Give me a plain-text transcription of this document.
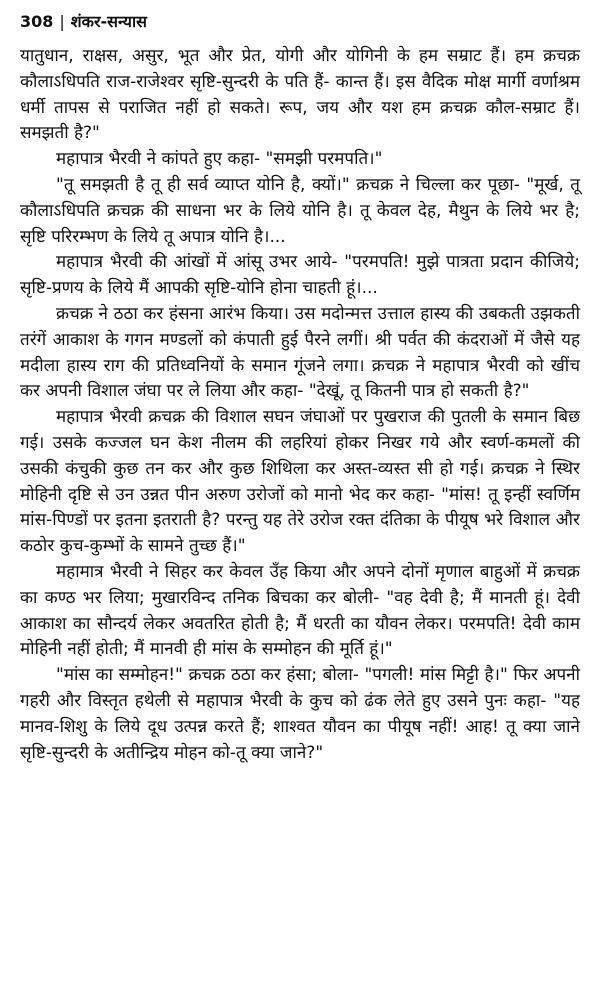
308 | शंकर-सन्यास

यातुधान, राक्षस, असुर, भूत और प्रेत, योगी और योगिनी के हम सम्राट हैं। हम क्रचक्र कौलाऽधिपति राज-राजेश्वर सृष्टि-सुन्दरी के पति हैं- कान्त हैं। इस वैदिक मोक्ष मार्गी वर्णाश्रम धर्मी तापस से पराजित नहीं हो सकते। रूप, जय और यश हम क्रचक्र कौल-सम्राट हैं। समझती है?"

महापात्र भैरवी ने कांपते हुए कहा- "समझी परमपति।"

"तू समझती है तू ही सर्व व्याप्त योनि है, क्यों।" क्रचक्र ने चिल्ला कर पूछा- "मूर्ख, तू कौलाऽधिपति क्रचक्र की साधना भर के लिये योनि है। तू केवल देह, मैथुन के लिये भर है; सृष्टि परिरम्भण के लिये तू अपात्र योनि है।...

महापात्र भैरवी की आंखों में आंसू उभर आये- "परमपति! मुझे पात्रता प्रदान कीजिये; सृष्टि-प्रणय के लिये मैं आपकी सृष्टि-योनि होना चाहती हूं।...

क्रचक्र ने ठठा कर हंसना आरंभ किया। उस मदोन्मत्त उत्ताल हास्य की उबकती उझकती तरंगें आकाश के गगन मण्डलों को कंपाती हुई पैरने लगीं। श्री पर्वत की कंदराओं में जैसे यह मदीला हास्य राग की प्रतिध्वनियों के समान गूंजने लगा। क्रचक्र ने महापात्र भैरवी को खींच कर अपनी विशाल जंघा पर ले लिया और कहा- "देखूं, तू कितनी पात्र हो सकती है?"

महापात्र भैरवी क्रचक्र की विशाल सघन जंघाओं पर पुखराज की पुतली के समान बिछ गई। उसके कज्जल घन केश नीलम की लहरियां होकर निखर गये और स्वर्ण-कमलों की उसकी कंचुकी कुछ तन कर और कुछ शिथिला कर अस्त-व्यस्त सी हो गई। क्रचक्र ने स्थिर मोहिनी दृष्टि से उन उन्नत पीन अरुण उरोजों को मानो भेद कर कहा- "मांस! तू इन्हीं स्वर्णिम मांस-पिण्डों पर इतना इतराती है? परन्तु यह तेरे उरोज रक्त दंतिका के पीयूष भरे विशाल और कठोर कुच-कुम्भों के सामने तुच्छ हैं।"

महामात्र भैरवी ने सिहर कर केवल उँह किया और अपने दोनों मृणाल बाहुओं में क्रचक्र का कण्ठ भर लिया; मुखारविन्द तनिक बिचका कर बोली- "वह देवी है; मैं मानती हूं। देवी आकाश का सौन्दर्य लेकर अवतरित होती है; मैं धरती का यौवन लेकर। परमपति! देवी काम मोहिनी नहीं होती; मैं मानवी ही मांस के सम्मोहन की मूर्ति हूं।"

"मांस का सम्मोहन!" क्रचक्र ठठा कर हंसा; बोला- "पगली! मांस मिट्टी है।" फिर अपनी गहरी और विस्तृत हथेली से महापात्र भैरवी के कुच को ढंक लेते हुए उसने पुनः कहा- "यह मानव-शिशु के लिये दूध उत्पन्न करते हैं; शाश्वत यौवन का पीयूष नहीं! आह! तू क्या जाने सृष्टि-सुन्दरी के अतीन्द्रिय मोहन को-तू क्या जाने?"
